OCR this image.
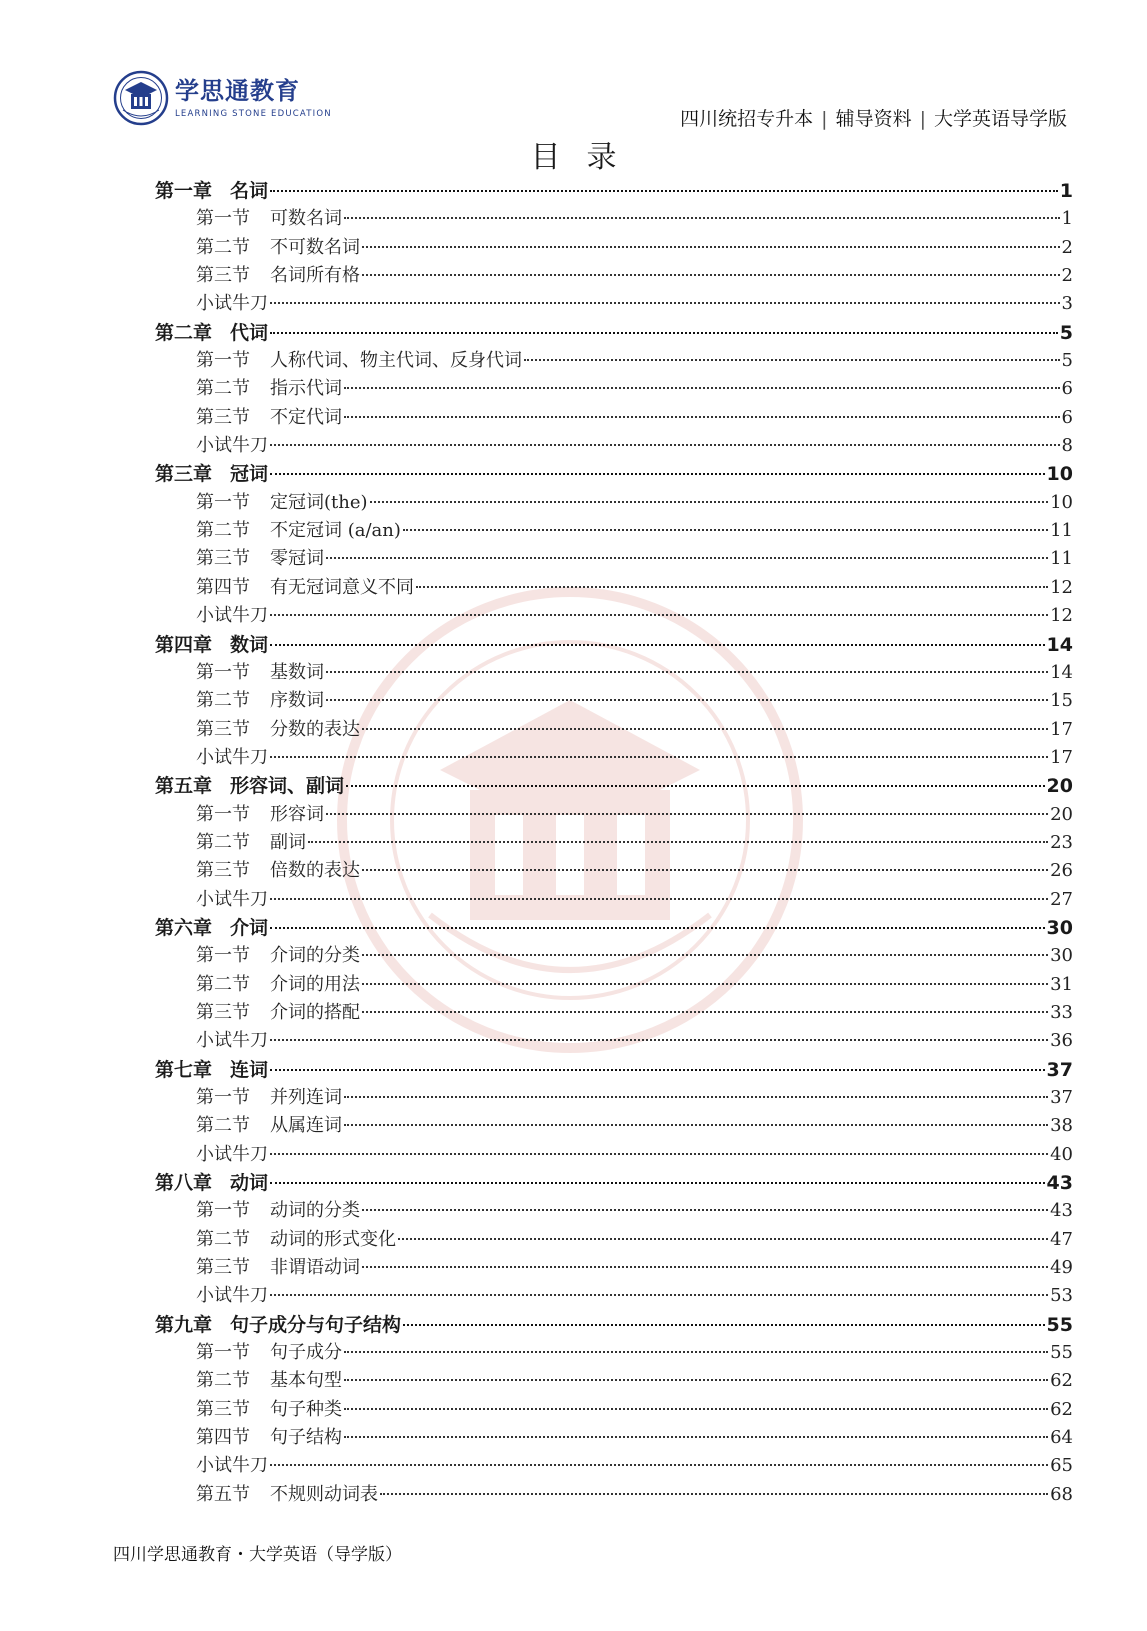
学思通教育
LEARNING STONE EDUCATION	四川统招专升本 | 辅导资料 | 大学英语导学版
目录
第一章 名词	1
第一节 可数名词	1
第二节 不可数名词	2
第三节 名词所有格	2
小试牛刀	3
第二章 代词	5
第一节 人称代词、物主代词、反身代词	5
第二节 指示代词	6
第三节 不定代词	6
小试牛刀	8
第三章 冠词	10
第一节 定冠词(the)	10
第二节 不定冠词 (a/an)	11
第三节 零冠词	11
第四节 有无冠词意义不同	12
小试牛刀	12
第四章 数词	14
第一节 基数词	14
第二节 序数词	15
第三节 分数的表达	17
小试牛刀	17
第五章 形容词、副词	20
第一节 形容词	20
第二节 副词	23
第三节 倍数的表达	26
小试牛刀	27
第六章 介词	30
第一节 介词的分类	30
第二节 介词的用法	31
第三节 介词的搭配	33
小试牛刀	36
第七章 连词	37
第一节 并列连词	37
第二节 从属连词	38
小试牛刀	40
第八章 动词	43
第一节 动词的分类	43
第二节 动词的形式变化	47
第三节 非谓语动词	49
小试牛刀	53
第九章 句子成分与句子结构	55
第一节 句子成分	55
第二节 基本句型	62
第三节 句子种类	62
第四节 句子结构	64
小试牛刀	65
第五节 不规则动词表	68
四川学思通教育・大学英语（导学版）
